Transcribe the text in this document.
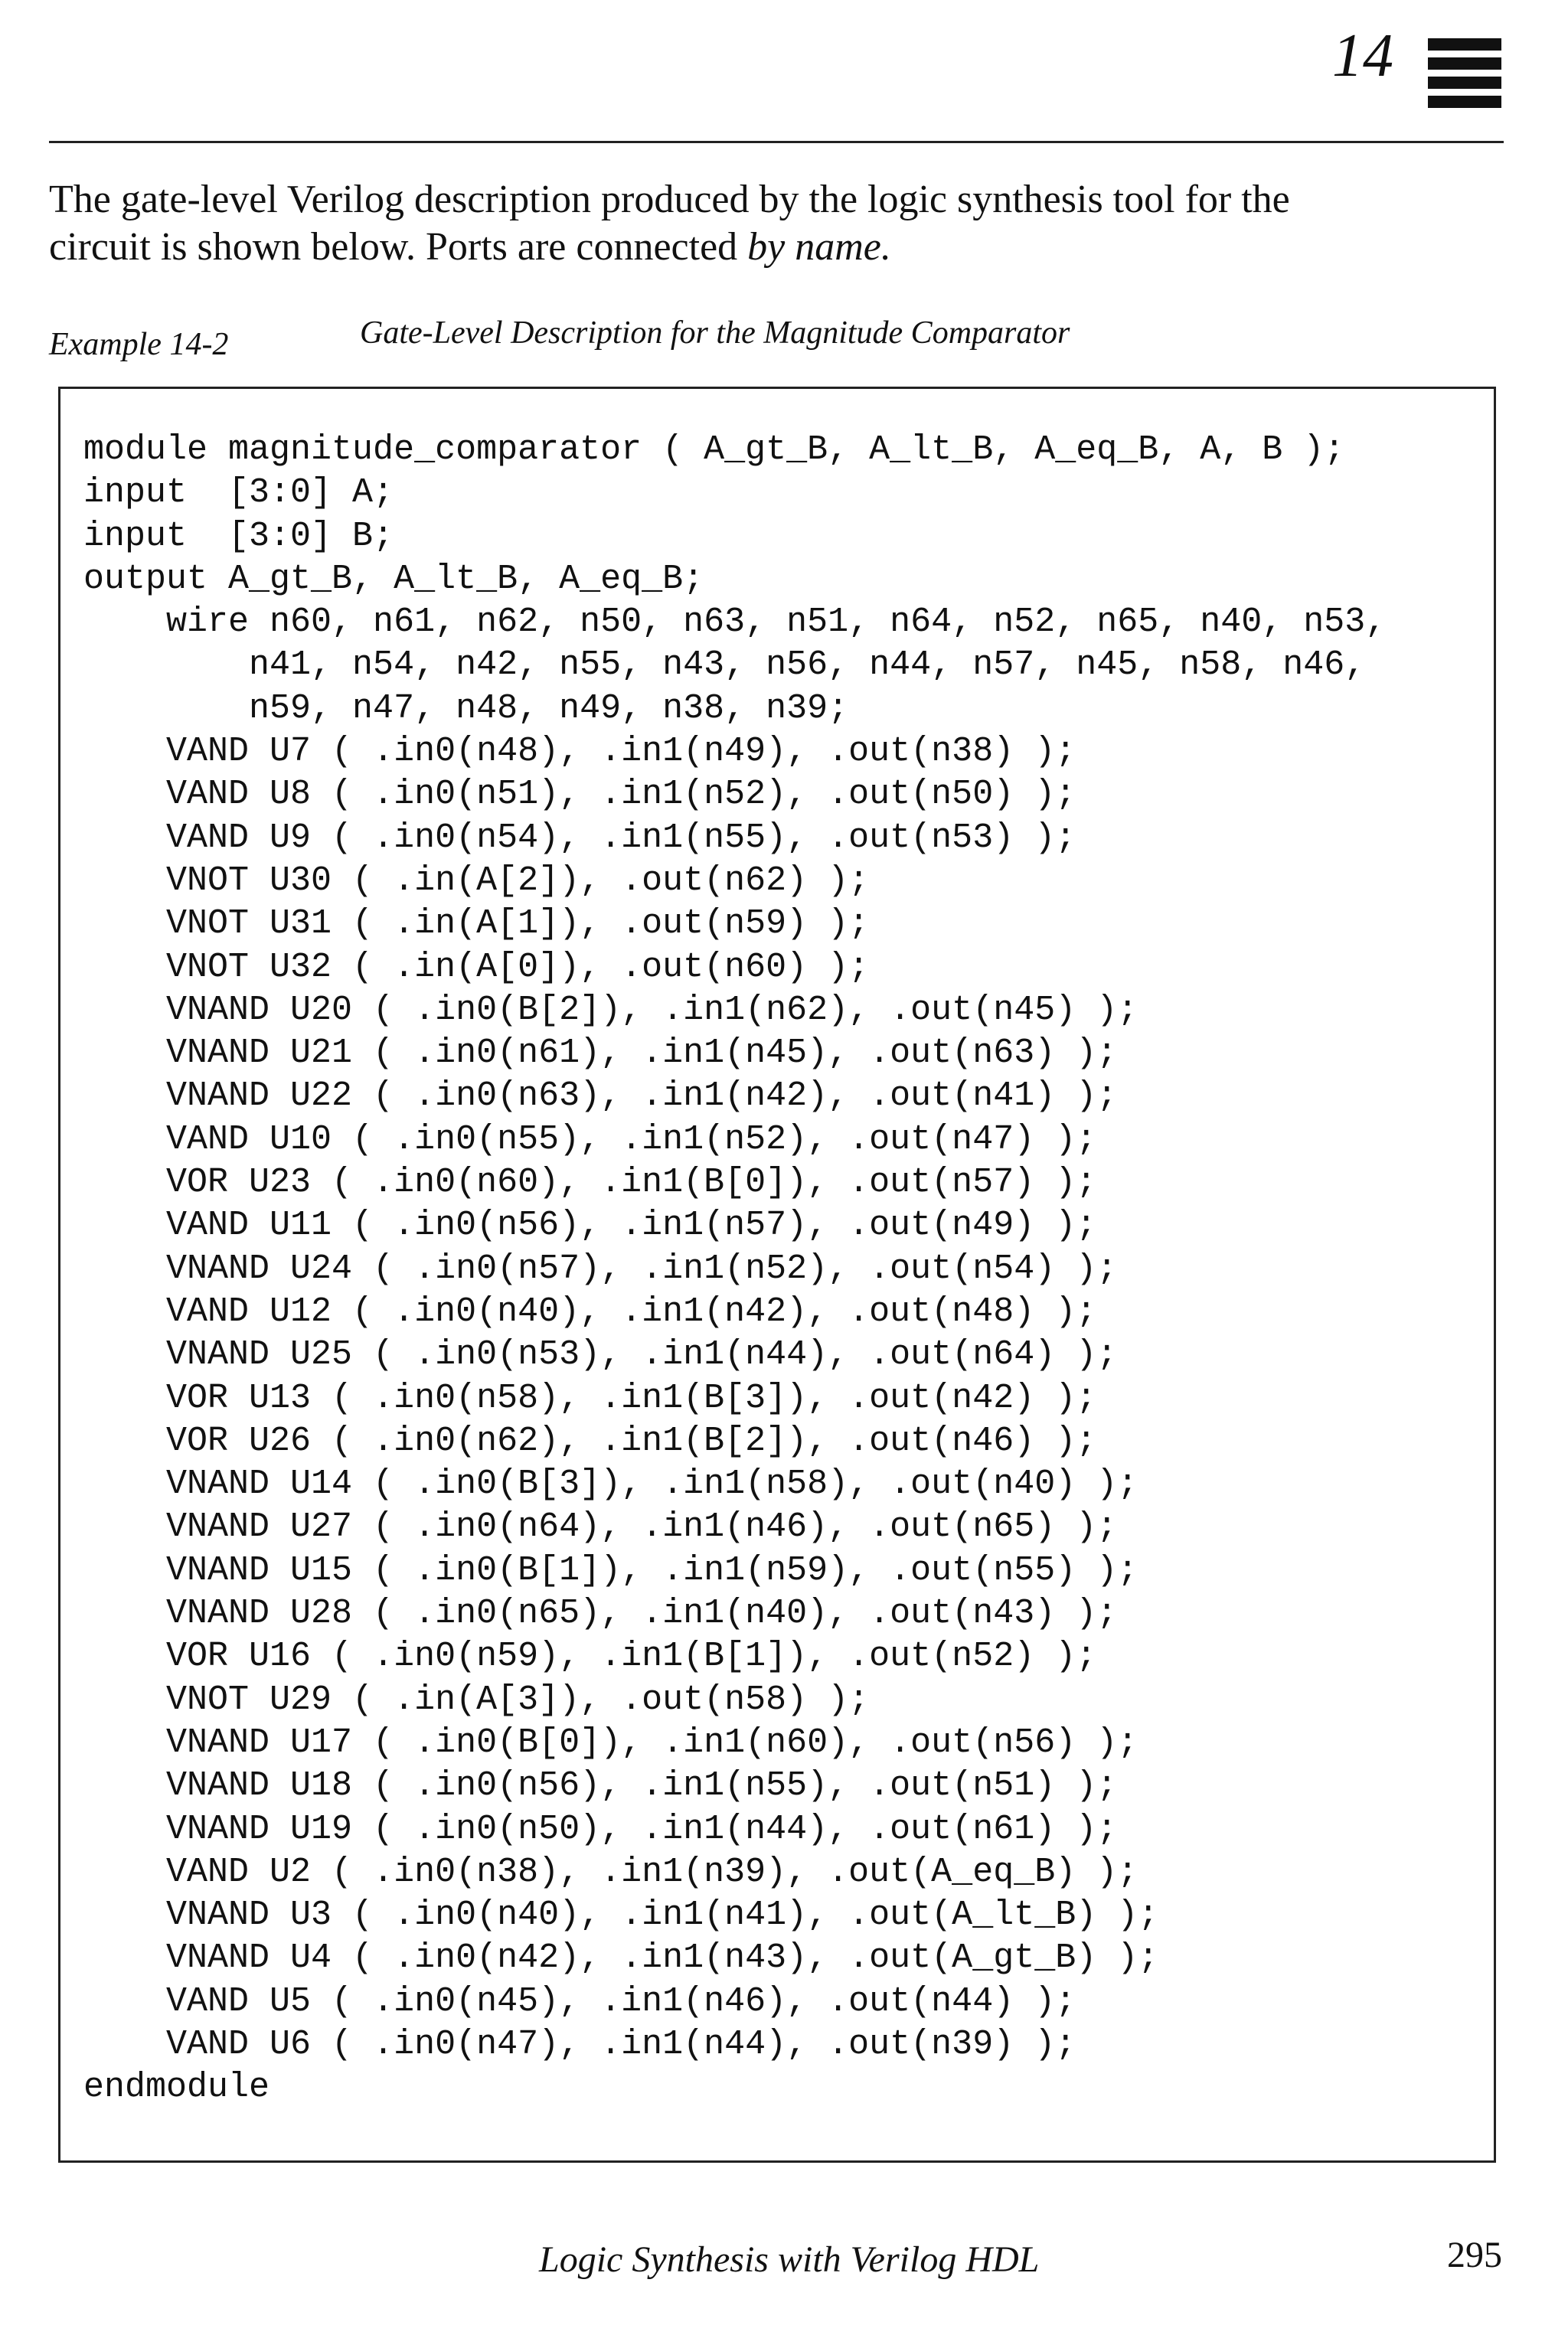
14
The gate-level Verilog description produced by the logic synthesis tool for the
circuit is shown below. Ports are connected by name.
Example 14-2	Gate-Level Description for the Magnitude Comparator
module magnitude_comparator ( A_gt_B, A_lt_B, A_eq_B, A, B );
input  [3:0] A;
input  [3:0] B;
output A_gt_B, A_lt_B, A_eq_B;
wire n60, n61, n62, n50, n63, n51, n64, n52, n65, n40, n53,
n41, n54, n42, n55, n43, n56, n44, n57, n45, n58, n46,
n59, n47, n48, n49, n38, n39;
VAND U7 ( .in0(n48), .in1(n49), .out(n38) );
VAND U8 ( .in0(n51), .in1(n52), .out(n50) );
VAND U9 ( .in0(n54), .in1(n55), .out(n53) );
VNOT U30 ( .in(A[2]), .out(n62) );
VNOT U31 ( .in(A[1]), .out(n59) );
VNOT U32 ( .in(A[0]), .out(n60) );
VNAND U20 ( .in0(B[2]), .in1(n62), .out(n45) );
VNAND U21 ( .in0(n61), .in1(n45), .out(n63) );
VNAND U22 ( .in0(n63), .in1(n42), .out(n41) );
VAND U10 ( .in0(n55), .in1(n52), .out(n47) );
VOR U23 ( .in0(n60), .in1(B[0]), .out(n57) );
VAND U11 ( .in0(n56), .in1(n57), .out(n49) );
VNAND U24 ( .in0(n57), .in1(n52), .out(n54) );
VAND U12 ( .in0(n40), .in1(n42), .out(n48) );
VNAND U25 ( .in0(n53), .in1(n44), .out(n64) );
VOR U13 ( .in0(n58), .in1(B[3]), .out(n42) );
VOR U26 ( .in0(n62), .in1(B[2]), .out(n46) );
VNAND U14 ( .in0(B[3]), .in1(n58), .out(n40) );
VNAND U27 ( .in0(n64), .in1(n46), .out(n65) );
VNAND U15 ( .in0(B[1]), .in1(n59), .out(n55) );
VNAND U28 ( .in0(n65), .in1(n40), .out(n43) );
VOR U16 ( .in0(n59), .in1(B[1]), .out(n52) );
VNOT U29 ( .in(A[3]), .out(n58) );
VNAND U17 ( .in0(B[0]), .in1(n60), .out(n56) );
VNAND U18 ( .in0(n56), .in1(n55), .out(n51) );
VNAND U19 ( .in0(n50), .in1(n44), .out(n61) );
VAND U2 ( .in0(n38), .in1(n39), .out(A_eq_B) );
VNAND U3 ( .in0(n40), .in1(n41), .out(A_lt_B) );
VNAND U4 ( .in0(n42), .in1(n43), .out(A_gt_B) );
VAND U5 ( .in0(n45), .in1(n46), .out(n44) );
VAND U6 ( .in0(n47), .in1(n44), .out(n39) );
endmodule
Logic Synthesis with Verilog HDL	295
